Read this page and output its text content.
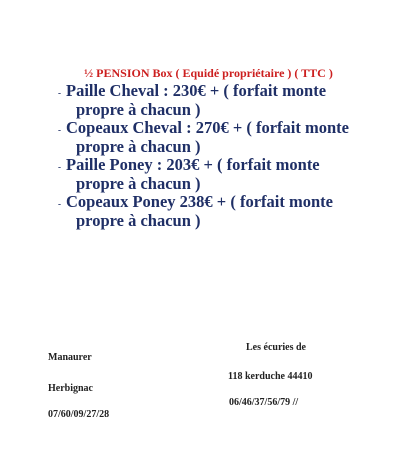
½ PENSION Box ( Equidé propriétaire ) ( TTC )
- Paille Cheval : 230€ + ( forfait monte
propre à chacun )
- Copeaux Cheval : 270€ + ( forfait monte
propre à chacun )
- Paille Poney : 203€ + ( forfait monte
propre à chacun )
- Copeaux Poney 238€ + ( forfait monte
propre à chacun )
Manaurer
Herbignac
07/60/09/27/28
Les écuries de
118 kerduche 44410
06/46/37/56/79 //
